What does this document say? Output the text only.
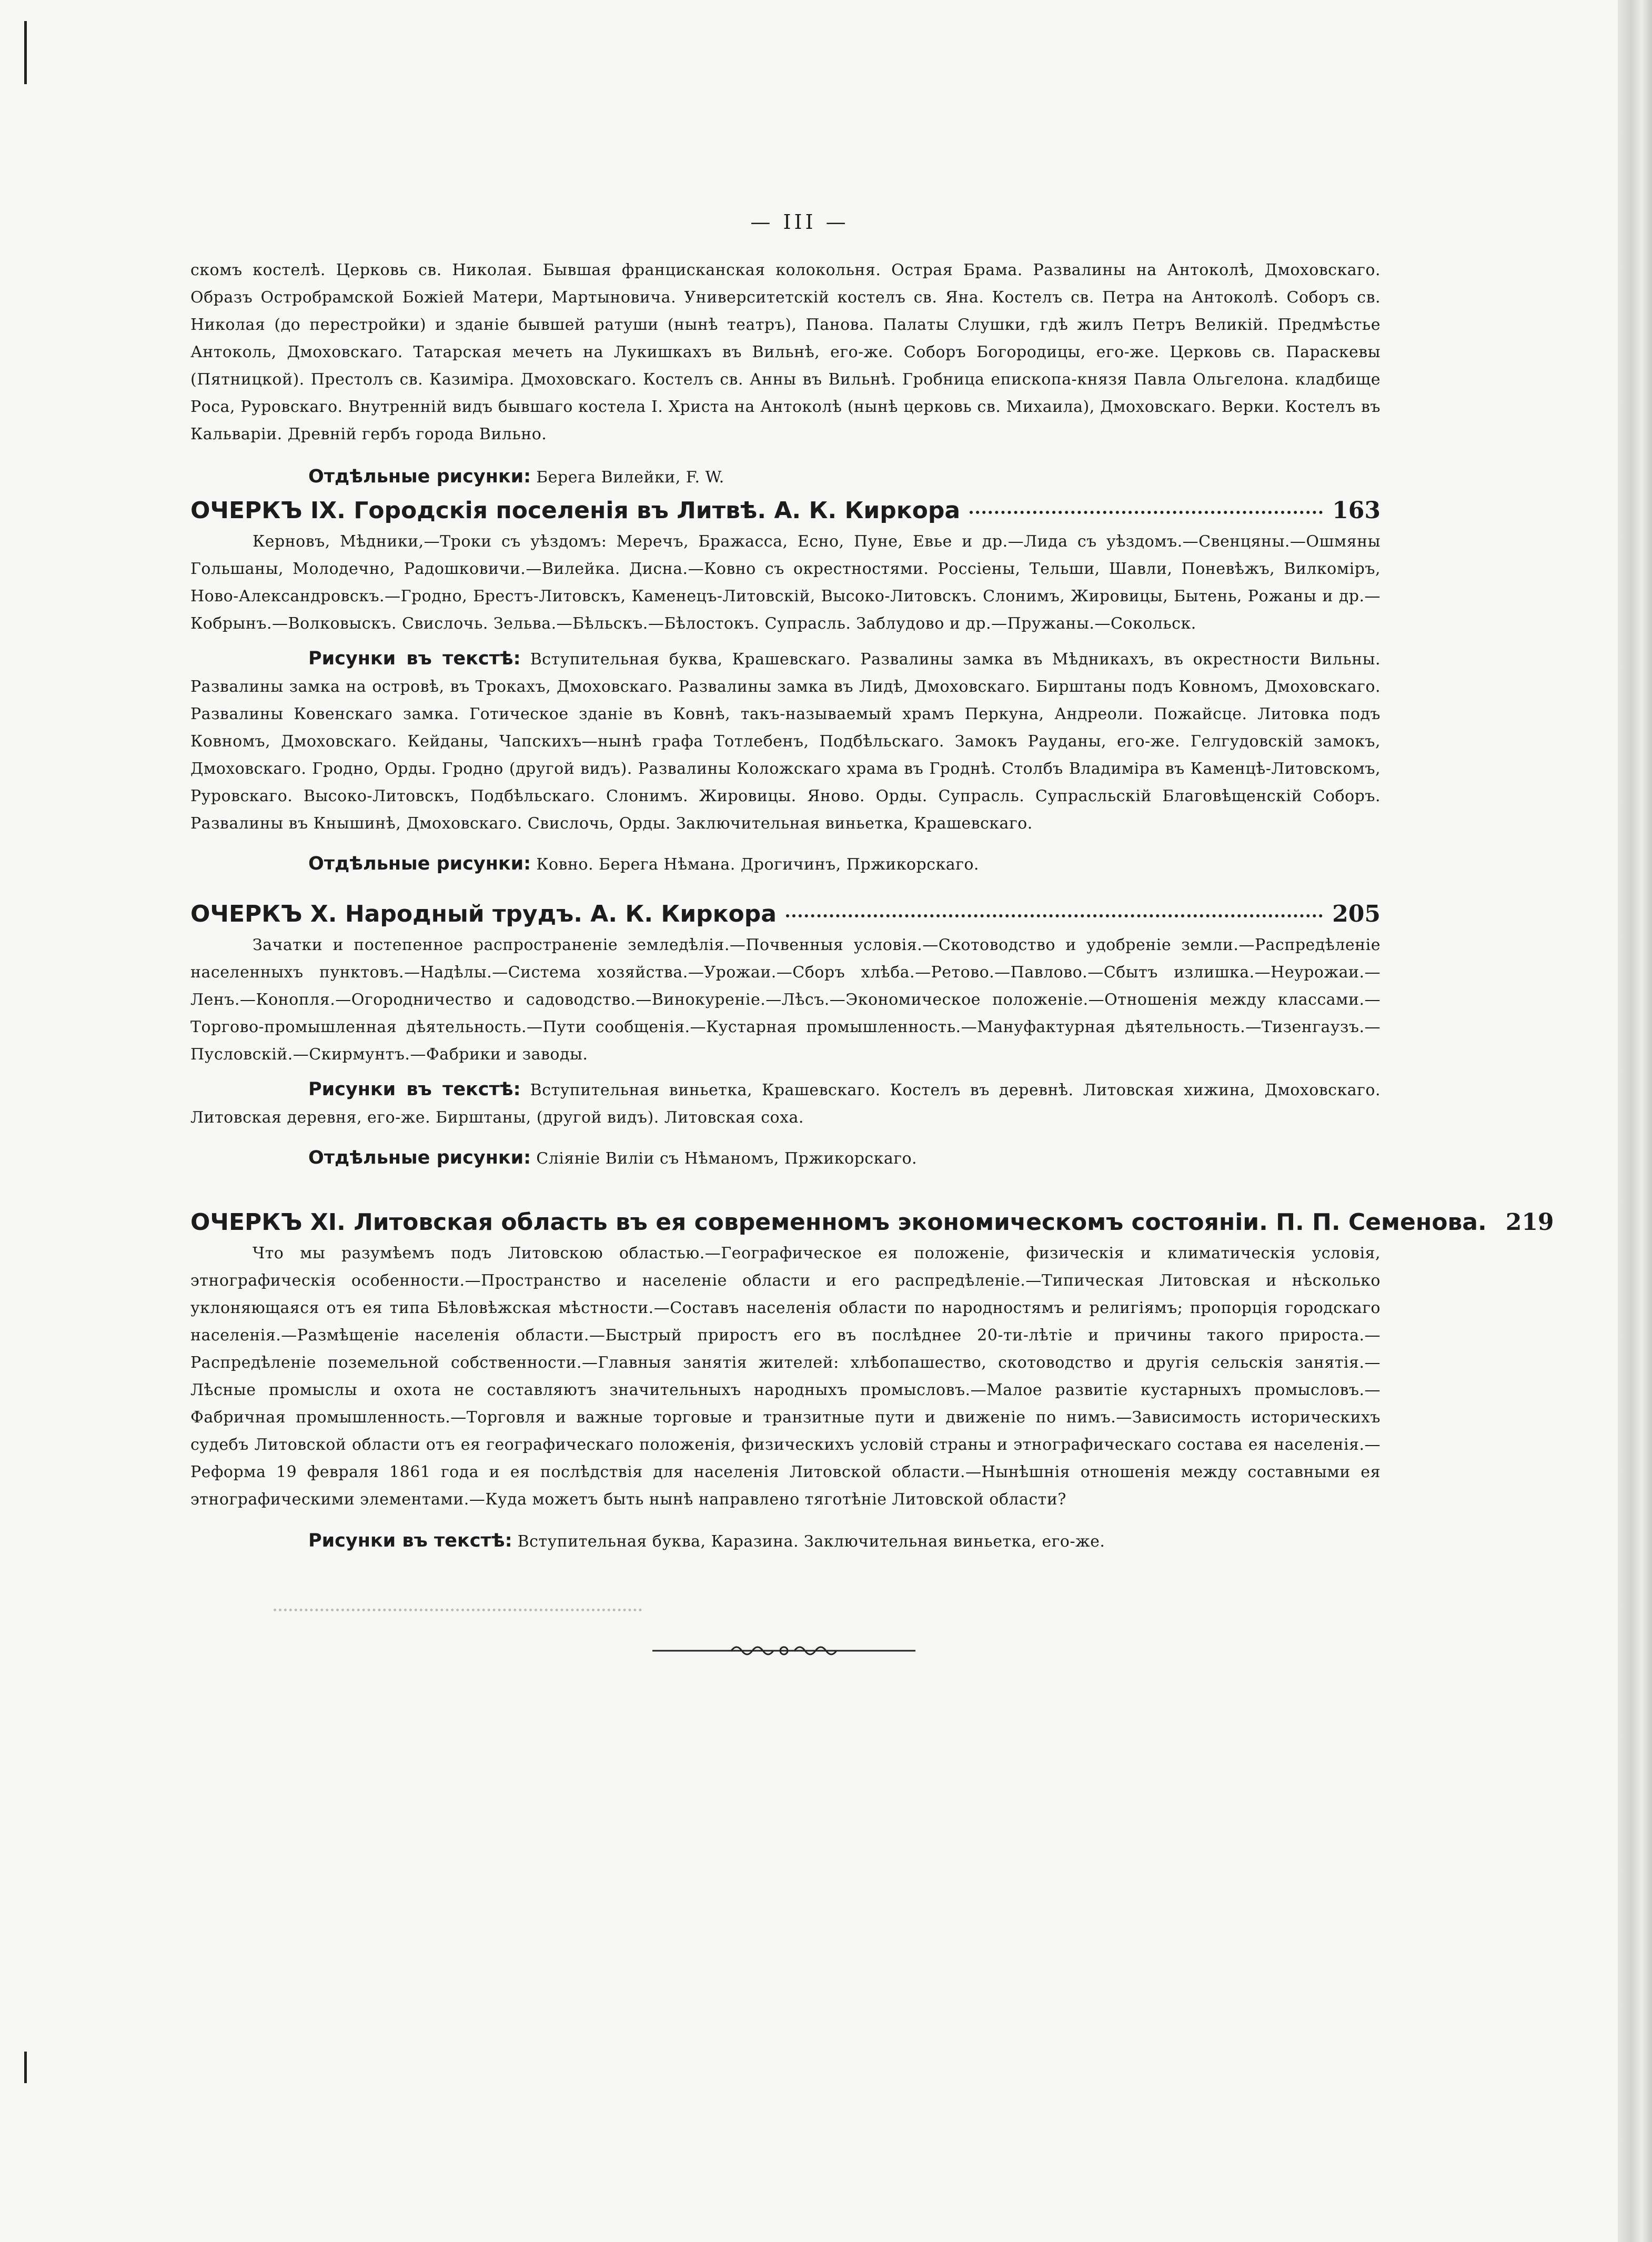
— III —

скомъ костелѣ. Церковь св. Николая. Бывшая францисканская колокольня. Острая Брама. Развалины на Антоколѣ, Дмоховскаго. Образъ Остробрамской Божіей Матери, Мартыновича. Университетскій костелъ св. Яна. Костелъ св. Петра на Антоколѣ. Соборъ св. Николая (до перестройки) и зданіе бывшей ратуши (нынѣ театръ), Панова. Палаты Слушки, гдѣ жилъ Петръ Великій. Предмѣстье Антоколь, Дмоховскаго. Татарская мечеть на Лукишкахъ въ Вильнѣ, его-же. Соборъ Богородицы, его-же. Церковь св. Параскевы (Пятницкой). Престолъ св. Казиміра. Дмоховскаго. Костелъ св. Анны въ Вильнѣ. Гробница епископа-князя Павла Ольгелона. кладбище Роса, Руровскаго. Внутренній видъ бывшаго костела I. Христа на Антоколѣ (нынѣ церковь св. Михаила), Дмоховскаго. Верки. Костелъ въ Кальваріи. Древній гербъ города Вильно.

Отдѣльные рисунки: Берега Вилейки, F. W.

ОЧЕРКЪ IX. Городскія поселенія въ Литвѣ. А. К. Киркора	163

Керновъ, Мѣдники,—Троки съ уѣздомъ: Меречъ, Бражасса, Есно, Пуне, Евье и др.—Лида съ уѣздомъ.—Свенцяны.—Ошмяны Гольшаны, Молодечно, Радошковичи.—Вилейка. Дисна.—Ковно съ окрестностями. Россіены, Тельши, Шавли, Поневѣжъ, Вилкоміръ, Ново-Александровскъ.—Гродно, Брестъ-Литовскъ, Каменецъ-Литовскій, Высоко-Литовскъ. Слонимъ, Жировицы, Бытень, Рожаны и др.—Кобрынъ.—Волковыскъ. Свислочь. Зельва.—Бѣльскъ.—Бѣлостокъ. Супрасль. Заблудово и др.—Пружаны.—Сокольск.

Рисунки въ текстѣ: Вступительная буква, Крашевскаго. Развалины замка въ Мѣдникахъ, въ окрестности Вильны. Развалины замка на островѣ, въ Трокахъ, Дмоховскаго. Развалины замка въ Лидѣ, Дмоховскаго. Бирштаны подъ Ковномъ, Дмоховскаго. Развалины Ковенскаго замка. Готическое зданіе въ Ковнѣ, такъ-называемый храмъ Перкуна, Андреоли. Пожайсце. Литовка подъ Ковномъ, Дмоховскаго. Кейданы, Чапскихъ—нынѣ графа Тотлебенъ, Подбѣльскаго. Замокъ Рауданы, его-же. Гелгудовскій замокъ, Дмоховскаго. Гродно, Орды. Гродно (другой видъ). Развалины Коложскаго храма въ Гроднѣ. Столбъ Владиміра въ Каменцѣ-Литовскомъ, Руровскаго. Высоко-Литовскъ, Подбѣльскаго. Слонимъ. Жировицы. Яново. Орды. Супрасль. Супрасльскій Благовѣщенскій Соборъ. Развалины въ Кнышинѣ, Дмоховскаго. Свислочь, Орды. Заключительная виньетка, Крашевскаго.

Отдѣльные рисунки: Ковно. Берега Нѣмана. Дрогичинъ, Пржикорскаго.

ОЧЕРКЪ X. Народный трудъ. А. К. Киркора	205

Зачатки и постепенное распространеніе земледѣлія.—Почвенныя условія.—Скотоводство и удобреніе земли.—Распредѣленіе населенныхъ пунктовъ.—Надѣлы.—Система хозяйства.—Урожаи.—Сборъ хлѣба.—Ретово.—Павлово.—Сбытъ излишка.—Неурожаи.—Ленъ.—Конопля.—Огородничество и садоводство.—Винокуреніе.—Лѣсъ.—Экономическое положеніе.—Отношенія между классами.—Торгово-промышленная дѣятельность.—Пути сообщенія.—Кустарная промышленность.—Мануфактурная дѣятельность.—Тизенгаузъ.—Пусловскій.—Скирмунтъ.—Фабрики и заводы.

Рисунки въ текстѣ: Вступительная виньетка, Крашевскаго. Костелъ въ деревнѣ. Литовская хижина, Дмоховскаго. Литовская деревня, его-же. Бирштаны, (другой видъ). Литовская соха.

Отдѣльные рисунки: Сліяніе Виліи съ Нѣманомъ, Пржикорскаго.

ОЧЕРКЪ XI. Литовская область въ ея современномъ экономическомъ состояніи. П. П. Семенова. 219

Что мы разумѣемъ подъ Литовскою областью.—Географическое ея положеніе, физическія и климатическія условія, этнографическія особенности.—Пространство и населеніе области и его распредѣленіе.—Типическая Литовская и нѣсколько уклоняющаяся отъ ея типа Бѣловѣжская мѣстности.—Составъ населенія области по народностямъ и религіямъ; пропорція городскаго населенія.—Размѣщеніе населенія области.—Быстрый приростъ его въ послѣднее 20-ти-лѣтіе и причины такого прироста.—Распредѣленіе поземельной собственности.—Главныя занятія жителей: хлѣбопашество, скотоводство и другія сельскія занятія.—Лѣсные промыслы и охота не составляютъ значительныхъ народныхъ промысловъ.—Малое развитіе кустарныхъ промысловъ.—Фабричная промышленность.—Торговля и важные торговые и транзитные пути и движеніе по нимъ.—Зависимость историческихъ судебъ Литовской области отъ ея географическаго положенія, физическихъ условій страны и этнографическаго состава ея населенія.—Реформа 19 февраля 1861 года и ея послѣдствія для населенія Литовской области.—Нынѣшнія отношенія между составными ея этнографическими элементами.—Куда можетъ быть нынѣ направлено тяготѣніе Литовской области?

Рисунки въ текстѣ: Вступительная буква, Каразина. Заключительная виньетка, его-же.
